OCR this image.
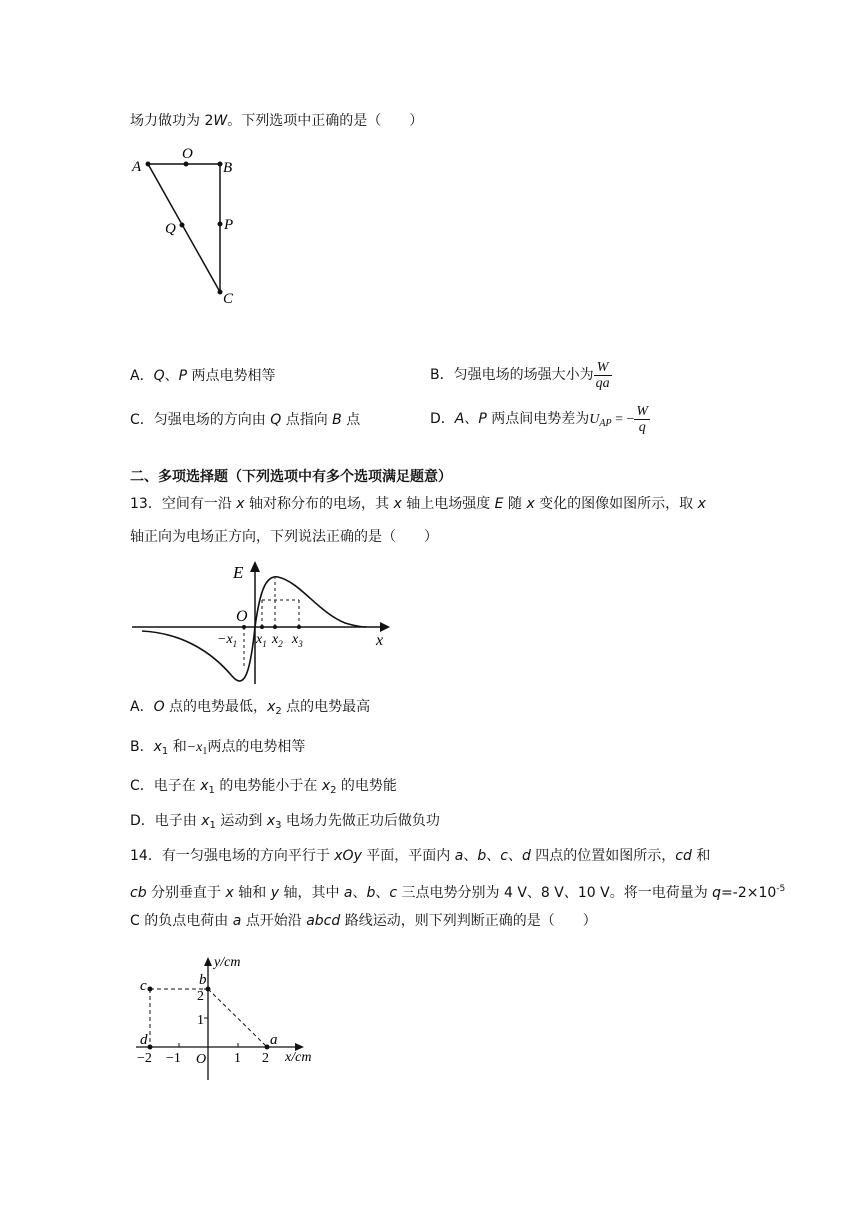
场力做功为 2W。下列选项中正确的是（　　）
A
O
B
Q	P
C
A．Q、P 两点电势相等	B．匀强电场的场强大小为 $\frac{W}{qa}$
C．匀强电场的方向由 Q 点指向 B 点	D．A、P 两点间电势差为$U_{AP}$ = − $\frac{W}{q}$
二、多项选择题（下列选项中有多个选项满足题意）
13．空间有一沿 x 轴对称分布的电场，其 x 轴上电场强度 E 随 x 变化的图像如图所示，取 x
轴正向为电场正方向，下列说法正确的是（　　）
E
O
x
$-x_1$ $x_1$ $x_2$ $x_3$
A．O 点的电势最低，$x_2$ 点的电势最高
B．$x_1$ 和$-x_1$两点的电势相等
C．电子在 $x_1$ 的电势能小于在 $x_2$ 的电势能
D．电子由 $x_1$ 运动到 $x_3$ 电场力先做正功后做负功
14．有一匀强电场的方向平行于 xOy 平面，平面内 a、b、c、d 四点的位置如图所示，cd 和
cb 分别垂直于 x 轴和 y 轴，其中 a、b、c 三点电势分别为 4 V、8 V、10 V。将一电荷量为 $q=-2\times 10^{-5}$
C 的负点电荷由 a 点开始沿 abcd 路线运动，则下列判断正确的是（　　）
y/cm
x/cm
O
2
1
−1
−2	1 2
a
b
c
d
